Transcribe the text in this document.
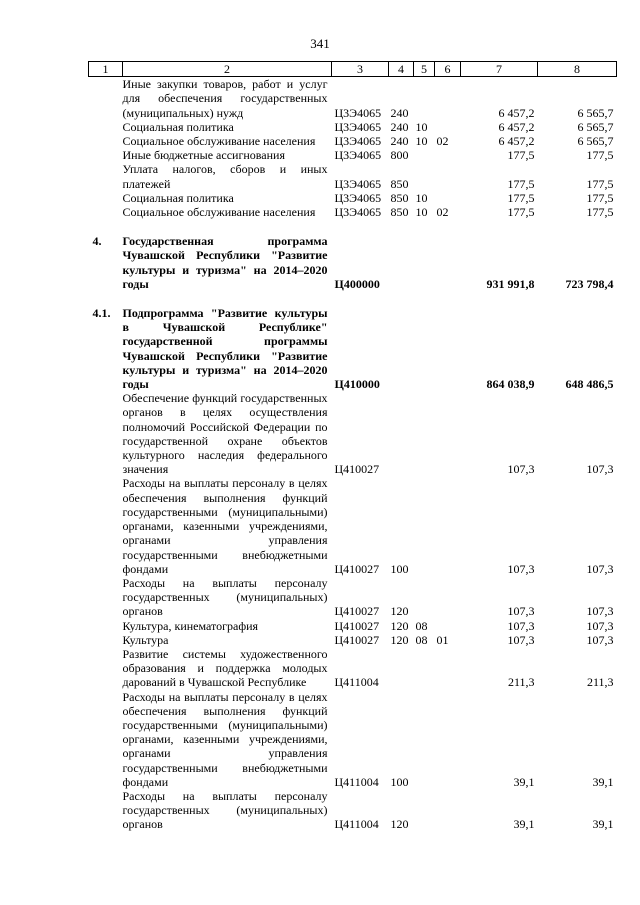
341
1	2	3	4	5	6	7	8
	Иные закупки товаров, работ и услуг для обеспечения государственных (муниципальных) нужд	Ц3Э4065	240			6 457,2	6 565,7
	Социальная политика	Ц3Э4065	240	10		6 457,2	6 565,7
	Социальное обслуживание населения	Ц3Э4065	240	10	02	6 457,2	6 565,7
	Иные бюджетные ассигнования	Ц3Э4065	800			177,5	177,5
	Уплата налогов, сборов и иных платежей	Ц3Э4065	850			177,5	177,5
	Социальная политика	Ц3Э4065	850	10		177,5	177,5
	Социальное обслуживание населения	Ц3Э4065	850	10	02	177,5	177,5

4.	Государственная программа Чувашской Республики "Развитие культуры и туризма" на 2014–2020 годы	Ц400000				931 991,8	723 798,4

4.1.	Подпрограмма "Развитие культуры в Чувашской Республике" государственной программы Чувашской Республики "Развитие культуры и туризма" на 2014–2020 годы	Ц410000				864 038,9	648 486,5
	Обеспечение функций государственных органов в целях осуществления полномочий Российской Федерации по государственной охране объектов культурного наследия федерального значения	Ц410027				107,3	107,3
	Расходы на выплаты персоналу в целях обеспечения выполнения функций государственными (муниципальными) органами, казенными учреждениями, органами управления государственными внебюджетными фондами	Ц410027	100			107,3	107,3
	Расходы на выплаты персоналу государственных (муниципальных) органов	Ц410027	120			107,3	107,3
	Культура, кинематография	Ц410027	120	08		107,3	107,3
	Культура	Ц410027	120	08	01	107,3	107,3
	Развитие системы художественного образования и поддержка молодых дарований в Чувашской Республике	Ц411004				211,3	211,3
	Расходы на выплаты персоналу в целях обеспечения выполнения функций государственными (муниципальными) органами, казенными учреждениями, органами управления государственными внебюджетными фондами	Ц411004	100			39,1	39,1
	Расходы на выплаты персоналу государственных (муниципальных) органов	Ц411004	120			39,1	39,1
